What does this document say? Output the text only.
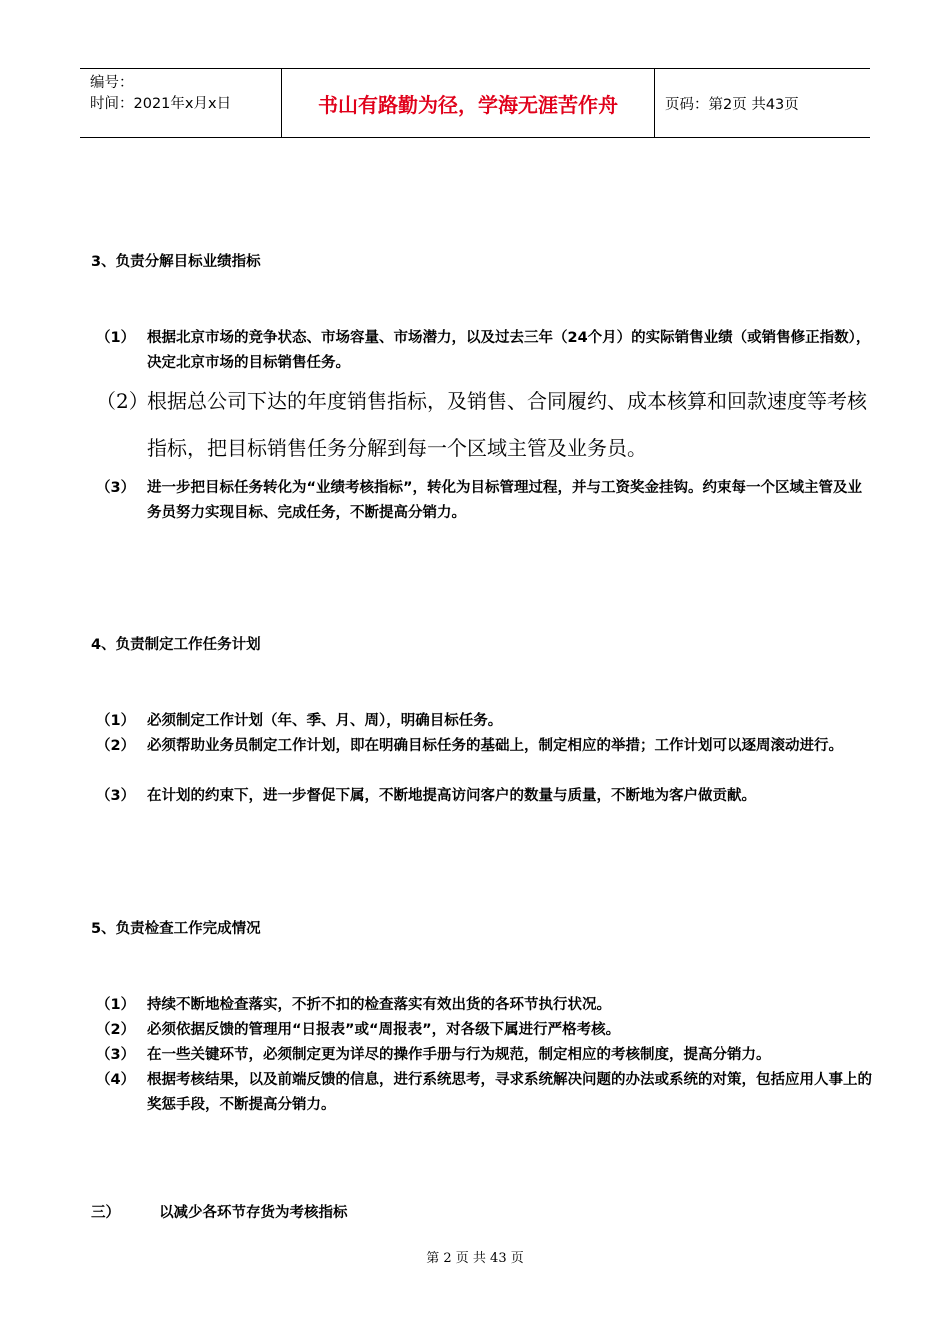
编号：
时间：2021年x月x日	书山有路勤为径，学海无涯苦作舟	页码：第2页 共43页
3、负责分解目标业绩指标
（1） 根据北京市场的竞争状态、市场容量、市场潜力，以及过去三年（24个月）的实际销售业绩（或销售修正指数），决定北京市场的目标销售任务。
（2）
根据总公司下达的年度销售指标，及销售、合同履约、成本核算和回款速度等考核指标，把目标销售任务分解到每一个区域主管及业务员。
（3） 进一步把目标任务转化为“业绩考核指标”，转化为目标管理过程，并与工资奖金挂钩。约束每一个区域主管及业务员努力实现目标、完成任务，不断提高分销力。
4、负责制定工作任务计划
（1） 必须制定工作计划（年、季、月、周），明确目标任务。
（2） 必须帮助业务员制定工作计划，即在明确目标任务的基础上，制定相应的举措；工作计划可以逐周滚动进行。
（3） 在计划的约束下，进一步督促下属，不断地提高访问客户的数量与质量，不断地为客户做贡献。
5、负责检查工作完成情况
（1） 持续不断地检查落实，不折不扣的检查落实有效出货的各环节执行状况。
（2） 必须依据反馈的管理用“日报表”或“周报表”，对各级下属进行严格考核。
（3） 在一些关键环节，必须制定更为详尽的操作手册与行为规范，制定相应的考核制度，提高分销力。
（4） 根据考核结果，以及前端反馈的信息，进行系统思考，寻求系统解决问题的办法或系统的对策，包括应用人事上的奖惩手段，不断提高分销力。
三）	以减少各环节存货为考核指标
第 2 页 共 43 页
